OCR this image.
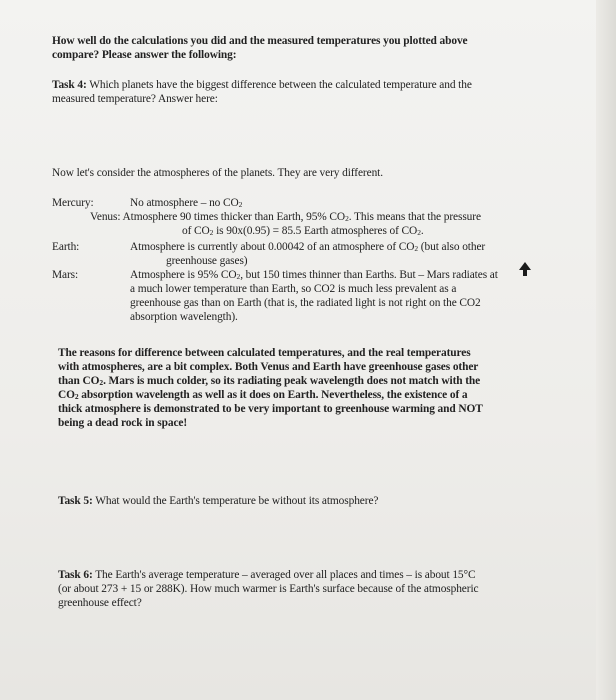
How well do the calculations you did and the measured temperatures you plotted above
compare? Please answer the following:
Task 4: Which planets have the biggest difference between the calculated temperature and the
measured temperature? Answer here:
Now let's consider the atmospheres of the planets. They are very different.
Mercury:	No atmosphere – no $CO_2$
Venus: Atmosphere 90 times thicker than Earth, 95% $CO_2$. This means that the pressure
of $CO_2$ is 90x(0.95) = 85.5 Earth atmospheres of $CO_2$.
Earth:	Atmosphere is currently about 0.00042 of an atmosphere of $CO_2$ (but also other
greenhouse gases)
Mars:	Atmosphere is 95% $CO_2$, but 150 times thinner than Earths. But – Mars radiates at
a much lower temperature than Earth, so CO2 is much less prevalent as a
greenhouse gas than on Earth (that is, the radiated light is not right on the CO2
absorption wavelength).
The reasons for difference between calculated temperatures, and the real temperatures
with atmospheres, are a bit complex. Both Venus and Earth have greenhouse gases other
than $CO_2$. Mars is much colder, so its radiating peak wavelength does not match with the
$CO_2$ absorption wavelength as well as it does on Earth. Nevertheless, the existence of a
thick atmosphere is demonstrated to be very important to greenhouse warming and NOT
being a dead rock in space!
Task 5: What would the Earth's temperature be without its atmosphere?
Task 6: The Earth's average temperature – averaged over all places and times – is about 15°C
(or about 273 + 15 or 288K). How much warmer is Earth's surface because of the atmospheric
greenhouse effect?
